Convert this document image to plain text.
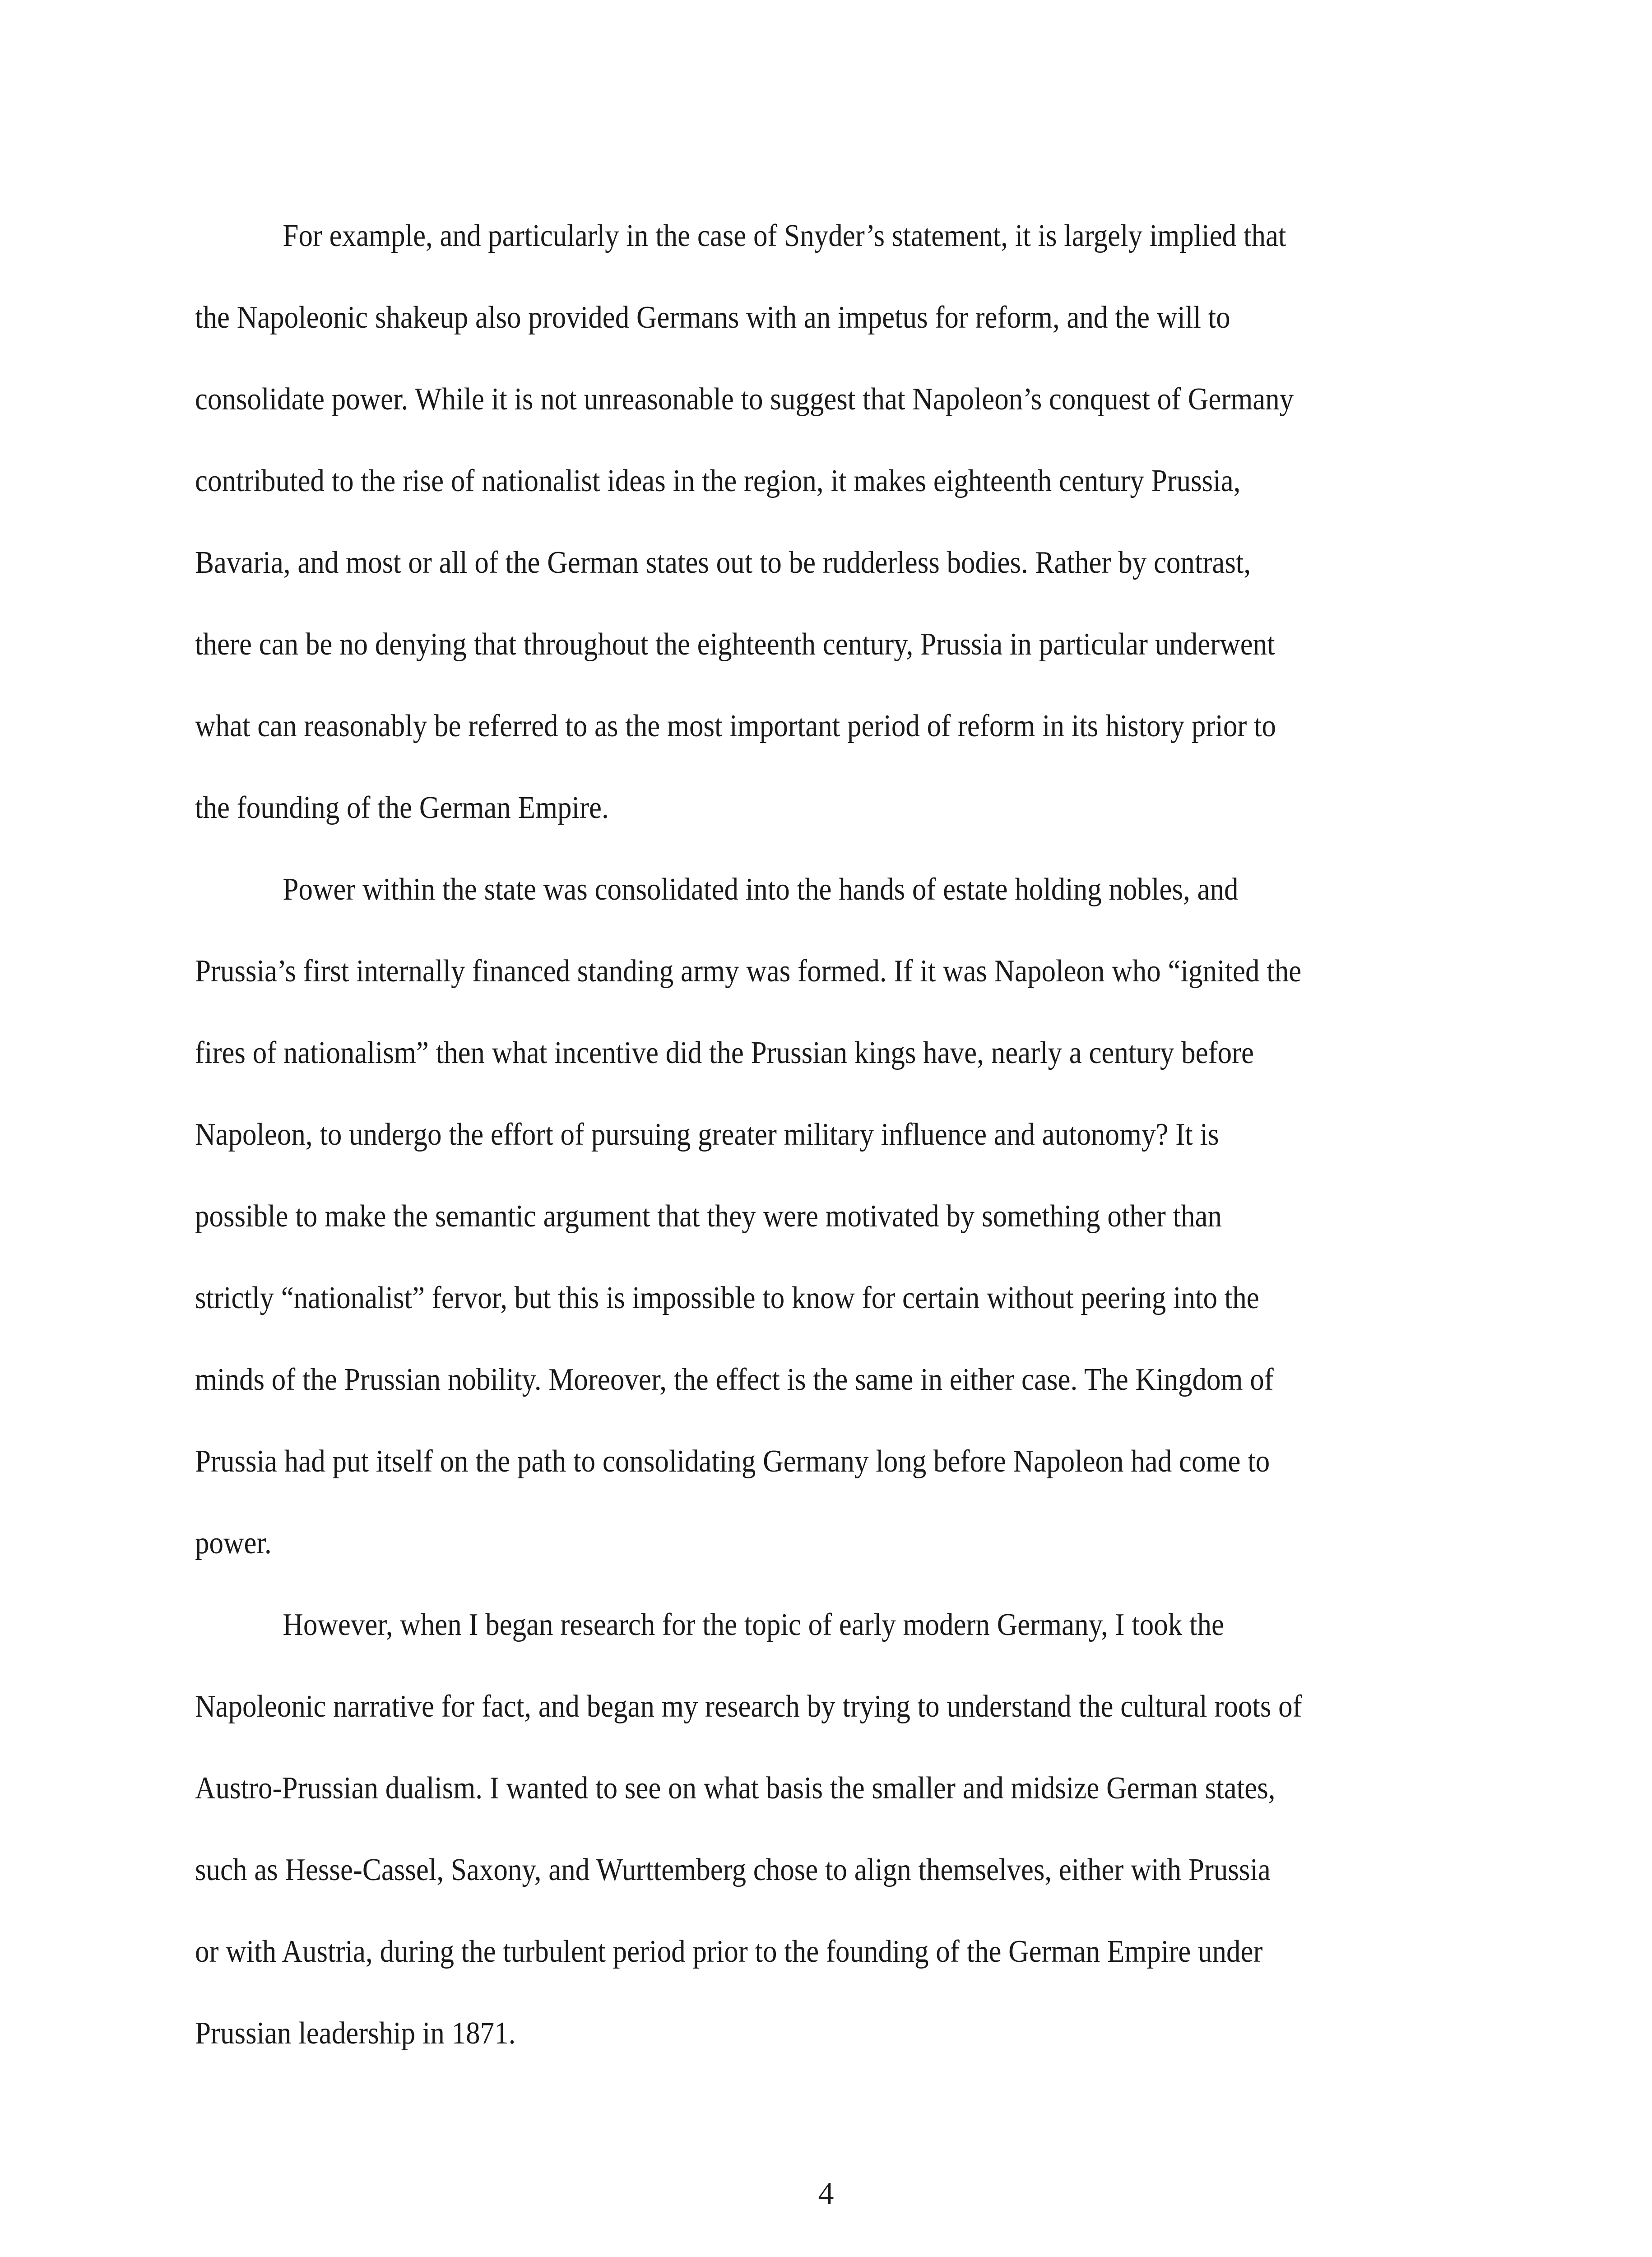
For example, and particularly in the case of Snyder’s statement, it is largely implied that
the Napoleonic shakeup also provided Germans with an impetus for reform, and the will to
consolidate power. While it is not unreasonable to suggest that Napoleon’s conquest of Germany
contributed to the rise of nationalist ideas in the region, it makes eighteenth century Prussia,
Bavaria, and most or all of the German states out to be rudderless bodies. Rather by contrast,
there can be no denying that throughout the eighteenth century, Prussia in particular underwent
what can reasonably be referred to as the most important period of reform in its history prior to
the founding of the German Empire.
Power within the state was consolidated into the hands of estate holding nobles, and
Prussia’s first internally financed standing army was formed. If it was Napoleon who “ignited the
fires of nationalism” then what incentive did the Prussian kings have, nearly a century before
Napoleon, to undergo the effort of pursuing greater military influence and autonomy? It is
possible to make the semantic argument that they were motivated by something other than
strictly “nationalist” fervor, but this is impossible to know for certain without peering into the
minds of the Prussian nobility. Moreover, the effect is the same in either case. The Kingdom of
Prussia had put itself on the path to consolidating Germany long before Napoleon had come to
power.
However, when I began research for the topic of early modern Germany, I took the
Napoleonic narrative for fact, and began my research by trying to understand the cultural roots of
Austro-Prussian dualism. I wanted to see on what basis the smaller and midsize German states,
such as Hesse-Cassel, Saxony, and Wurttemberg chose to align themselves, either with Prussia
or with Austria, during the turbulent period prior to the founding of the German Empire under
Prussian leadership in 1871.
4
